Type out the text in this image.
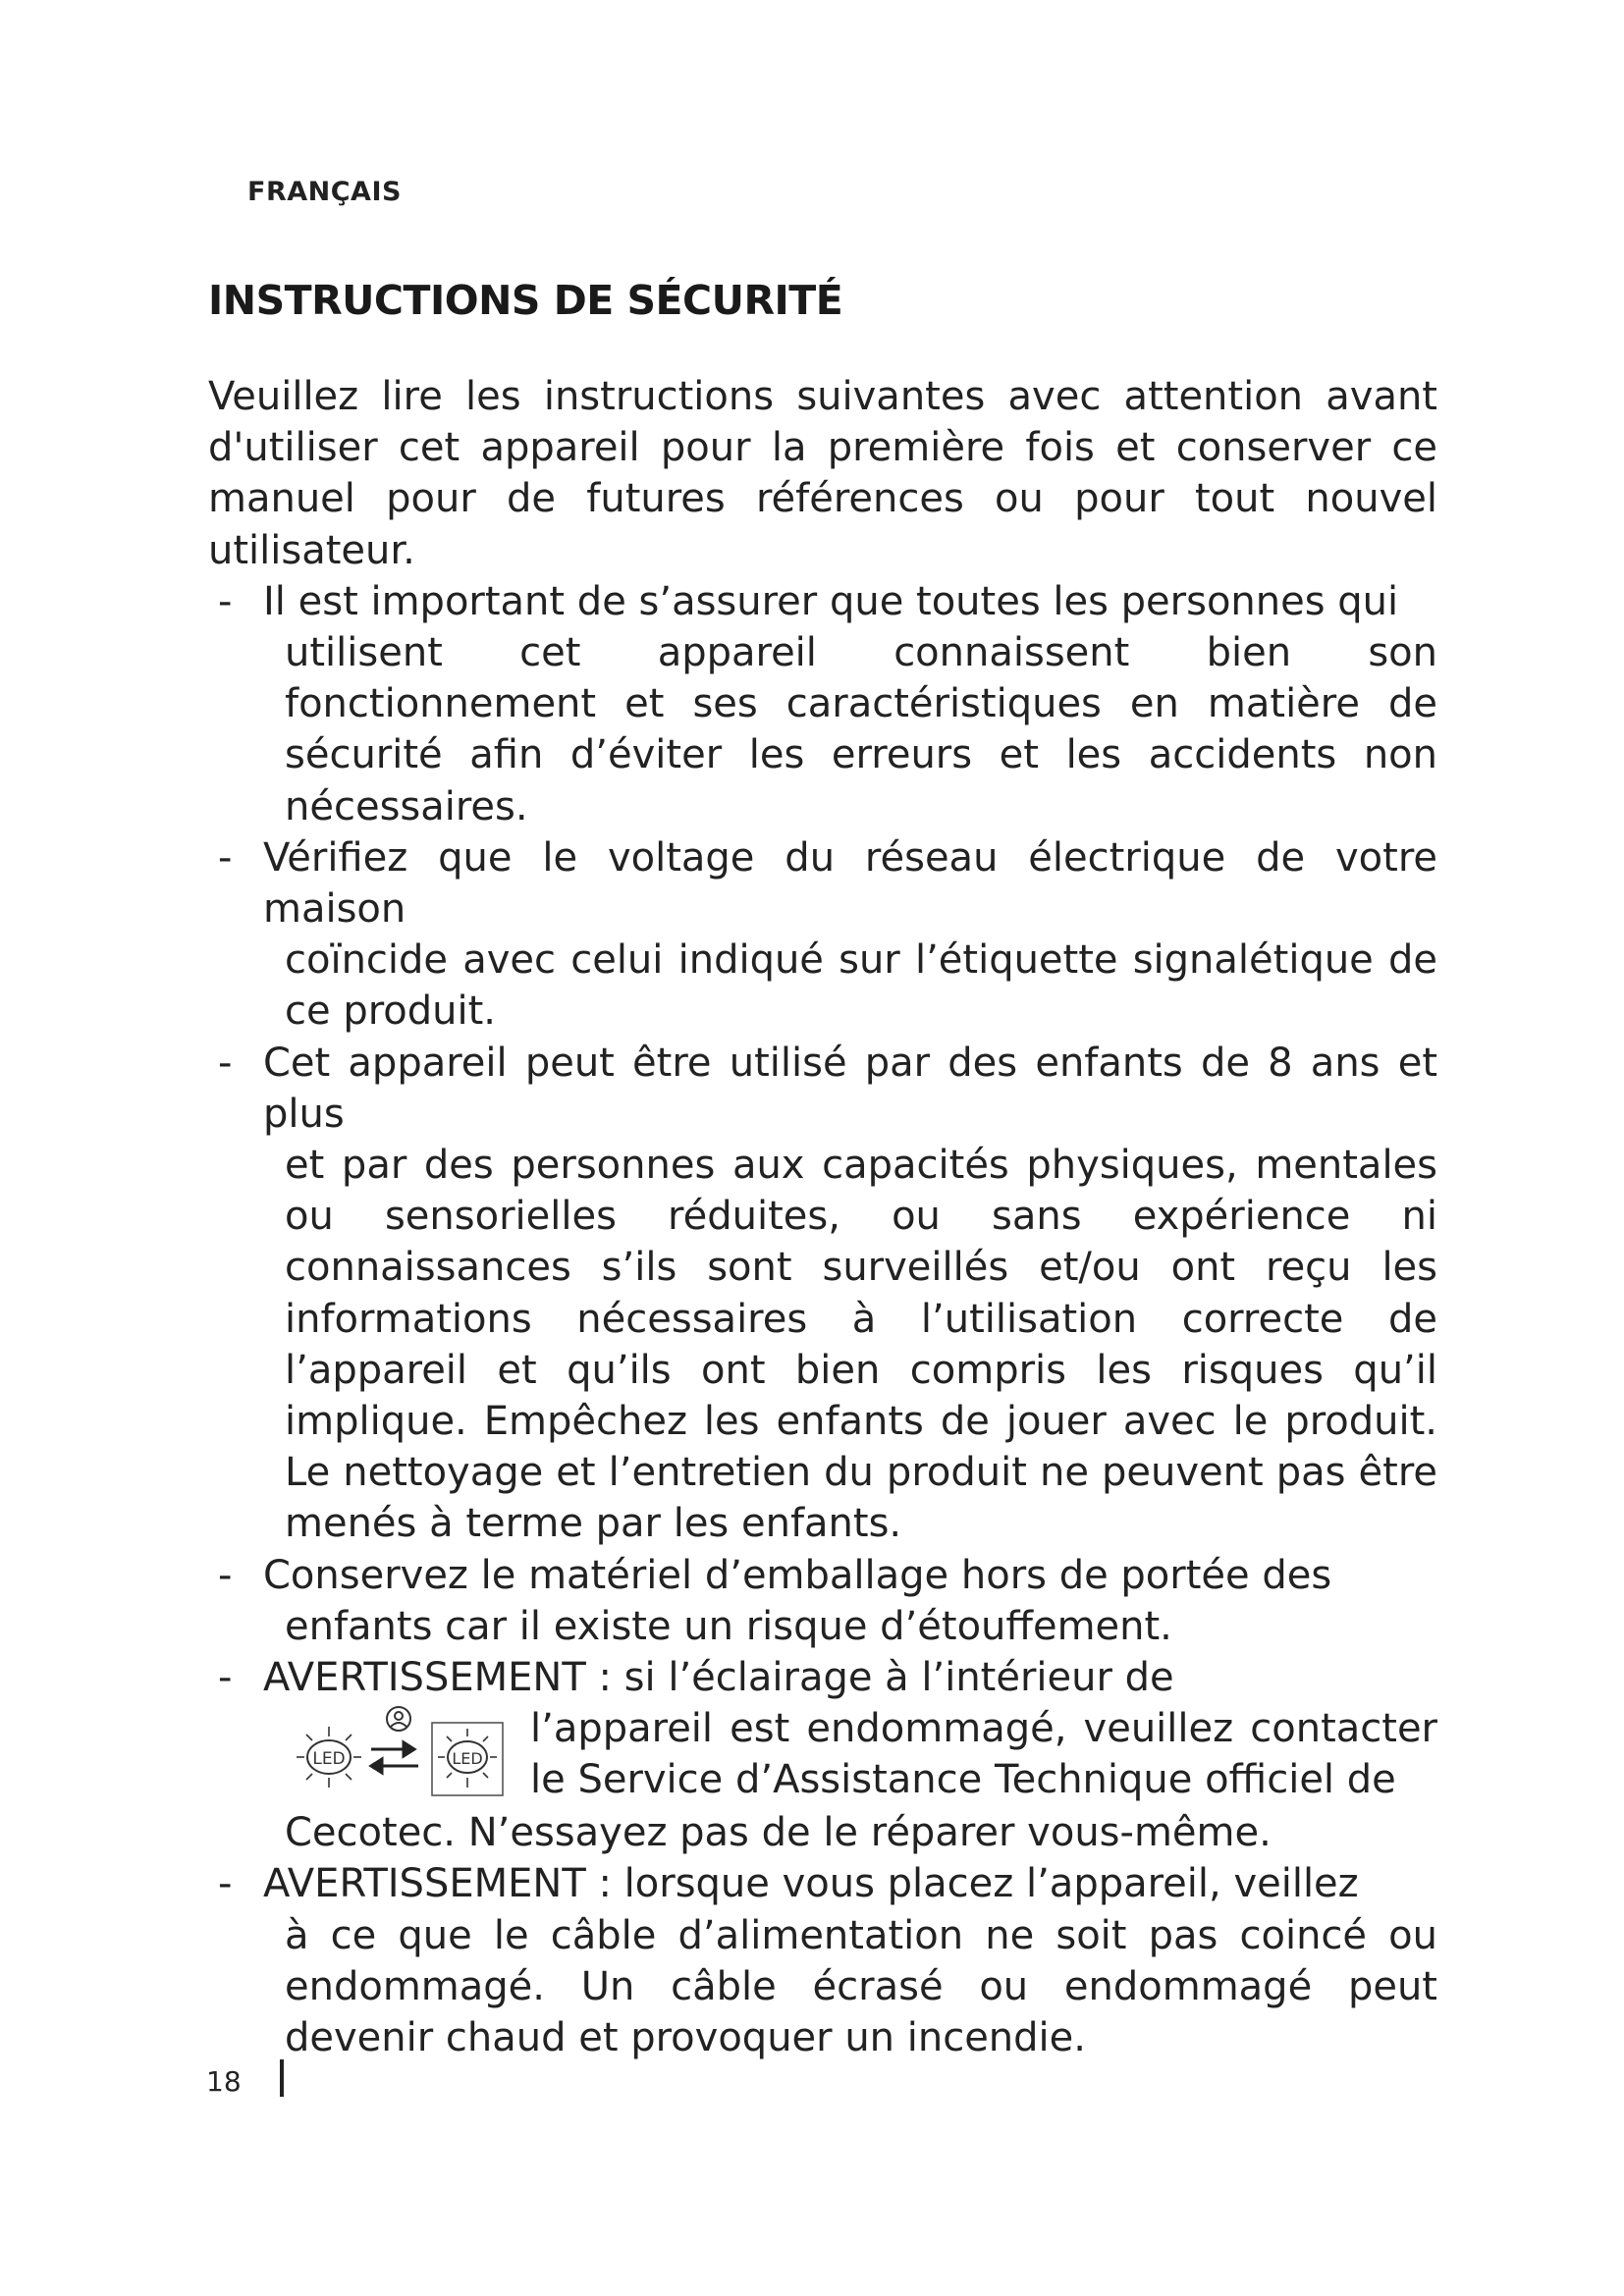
FRANÇAIS
INSTRUCTIONS DE SÉCURITÉ

Veuillez lire les instructions suivantes avec attention avant d'utiliser cet appareil pour la première fois et conserver ce manuel pour de futures références ou pour tout nouvel utilisateur.

- Il est important de s’assurer que toutes les personnes qui
utilisent cet appareil connaissent bien son fonctionnement et ses caractéristiques en matière de sécurité afin d’éviter les erreurs et les accidents non nécessaires.
- Vérifiez que le voltage du réseau électrique de votre maison
coïncide avec celui indiqué sur l’étiquette signalétique de ce produit.
- Cet appareil peut être utilisé par des enfants de 8 ans et plus
et par des personnes aux capacités physiques, mentales ou sensorielles réduites, ou sans expérience ni connaissances s’ils sont surveillés et/ou ont reçu les informations nécessaires à l’utilisation correcte de l’appareil et qu’ils ont bien compris les risques qu’il implique. Empêchez les enfants de jouer avec le produit. Le nettoyage et l’entretien du produit ne peuvent pas être menés à terme par les enfants.
- Conservez le matériel d’emballage hors de portée des
enfants car il existe un risque d’étouffement.
- AVERTISSEMENT : si l’éclairage à l’intérieur de
LED	LED
l’appareil est endommagé, veuillez contacter le Service d’Assistance Technique officiel de
Cecotec. N’essayez pas de le réparer vous-même.
- AVERTISSEMENT : lorsque vous placez l’appareil, veillez
à ce que le câble d’alimentation ne soit pas coincé ou endommagé. Un câble écrasé ou endommagé peut devenir chaud et provoquer un incendie.
18
